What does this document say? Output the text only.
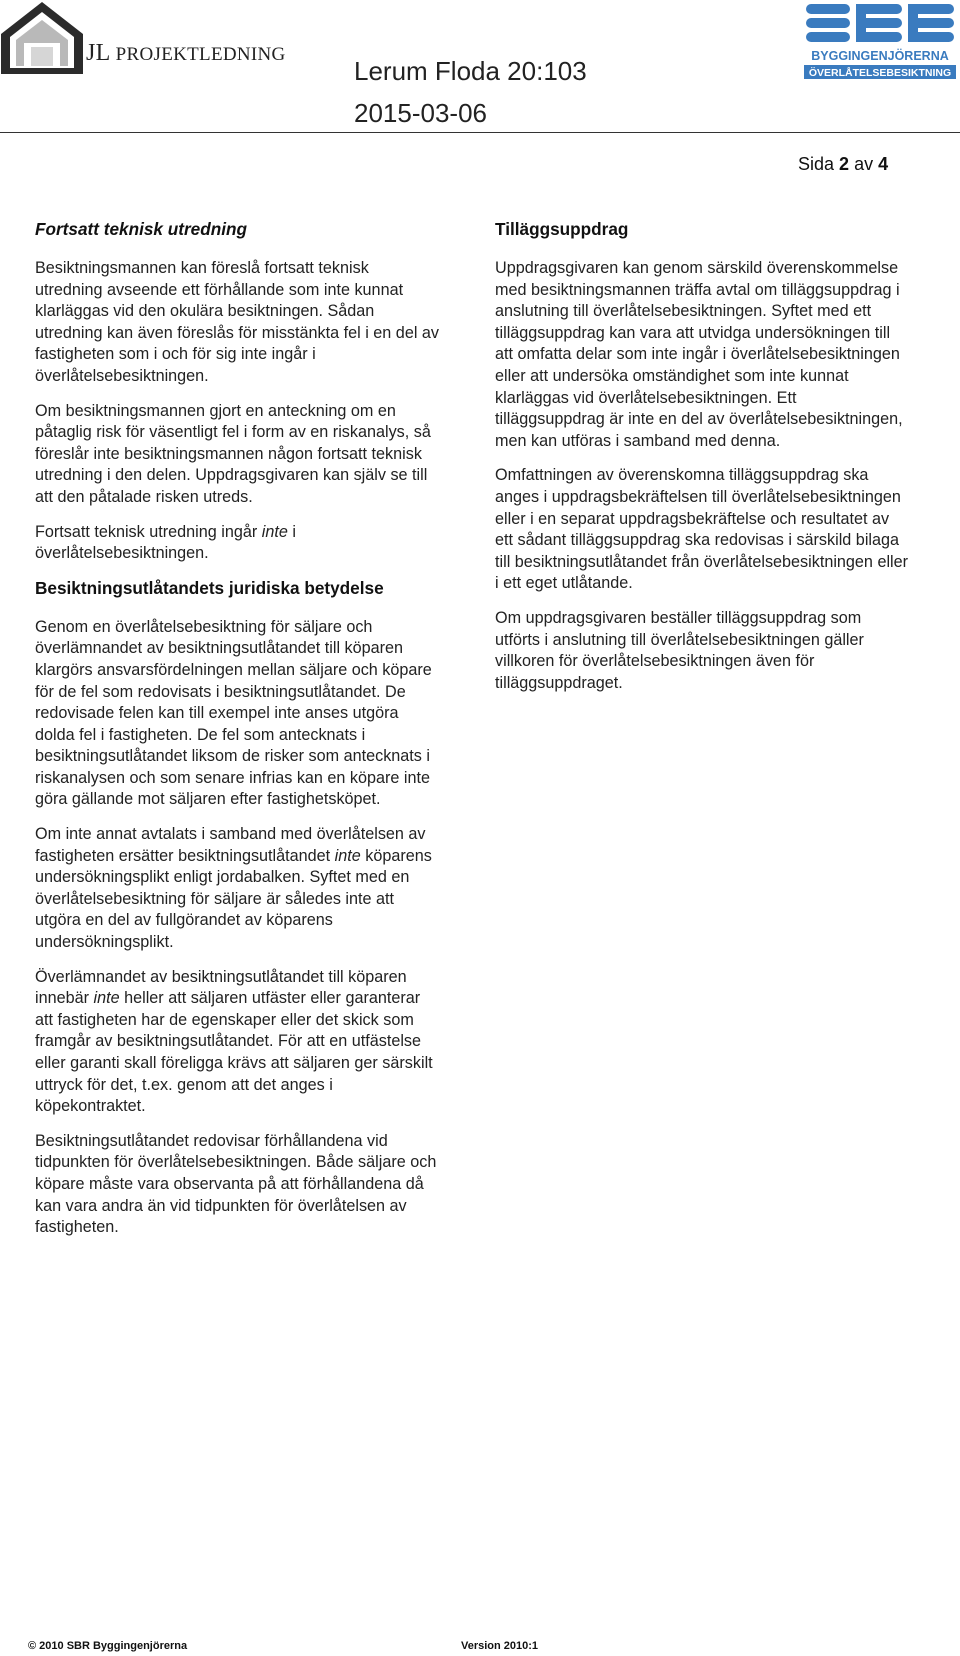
JL PROJEKTLEDNING
Lerum Floda 20:103
2015-03-06
BYGGINGENJÖRERNA
ÖVERLÅTELSEBESIKTNING
Sida 2 av 4
Fortsatt teknisk utredning

Besiktningsmannen kan föreslå fortsatt teknisk utredning avseende ett förhållande som inte kunnat klarläggas vid den okulära besiktningen. Sådan utredning kan även föreslås för misstänkta fel i en del av fastigheten som i och för sig inte ingår i överlåtelsebesiktningen.

Om besiktningsmannen gjort en anteckning om en påtaglig risk för väsentligt fel i form av en riskanalys, så föreslår inte besiktningsmannen någon fortsatt teknisk utredning i den delen. Uppdragsgivaren kan själv se till att den påtalade risken utreds.

Fortsatt teknisk utredning ingår inte i överlåtelsebesiktningen.

Besiktningsutlåtandets juridiska betydelse

Genom en överlåtelsebesiktning för säljare och överlämnandet av besiktningsutlåtandet till köparen klargörs ansvarsfördelningen mellan säljare och köpare för de fel som redovisats i besiktningsutlåtandet. De redovisade felen kan till exempel inte anses utgöra dolda fel i fastigheten. De fel som antecknats i besiktningsutlåtandet liksom de risker som antecknats i riskanalysen och som senare infrias kan en köpare inte göra gällande mot säljaren efter fastighetsköpet.

Om inte annat avtalats i samband med överlåtelsen av fastigheten ersätter besiktningsutlåtandet inte köparens undersökningsplikt enligt jordabalken. Syftet med en överlåtelsebesiktning för säljare är således inte att utgöra en del av fullgörandet av köparens undersökningsplikt.

Överlämnandet av besiktningsutlåtandet till köparen innebär inte heller att säljaren utfäster eller garanterar att fastigheten har de egenskaper eller det skick som framgår av besiktningsutlåtandet. För att en utfästelse eller garanti skall föreligga krävs att säljaren ger särskilt uttryck för det, t.ex. genom att det anges i köpekontraktet.

Besiktningsutlåtandet redovisar förhållandena vid tidpunkten för överlåtelsebesiktningen. Både säljare och köpare måste vara observanta på att förhållandena då kan vara andra än vid tidpunkten för överlåtelsen av fastigheten.

Tilläggsuppdrag

Uppdragsgivaren kan genom särskild överenskommelse med besiktningsmannen träffa avtal om tilläggsuppdrag i anslutning till överlåtelsebesiktningen. Syftet med ett tilläggsuppdrag kan vara att utvidga undersökningen till att omfatta delar som inte ingår i överlåtelsebesiktningen eller att undersöka omständighet som inte kunnat klarläggas vid överlåtelsebesiktningen. Ett tilläggsuppdrag är inte en del av överlåtelsebesiktningen, men kan utföras i samband med denna.

Omfattningen av överenskomna tilläggsuppdrag ska anges i uppdragsbekräftelsen till överlåtelsebesiktningen eller i en separat uppdragsbekräftelse och resultatet av ett sådant tilläggsuppdrag ska redovisas i särskild bilaga till besiktningsutlåtandet från överlåtelsebesiktningen eller i ett eget utlåtande.

Om uppdragsgivaren beställer tilläggsuppdrag som utförts i anslutning till överlåtelsebesiktningen gäller villkoren för överlåtelsebesiktningen även för tilläggsuppdraget.

© 2010 SBR Byggingenjörerna	Version 2010:1
